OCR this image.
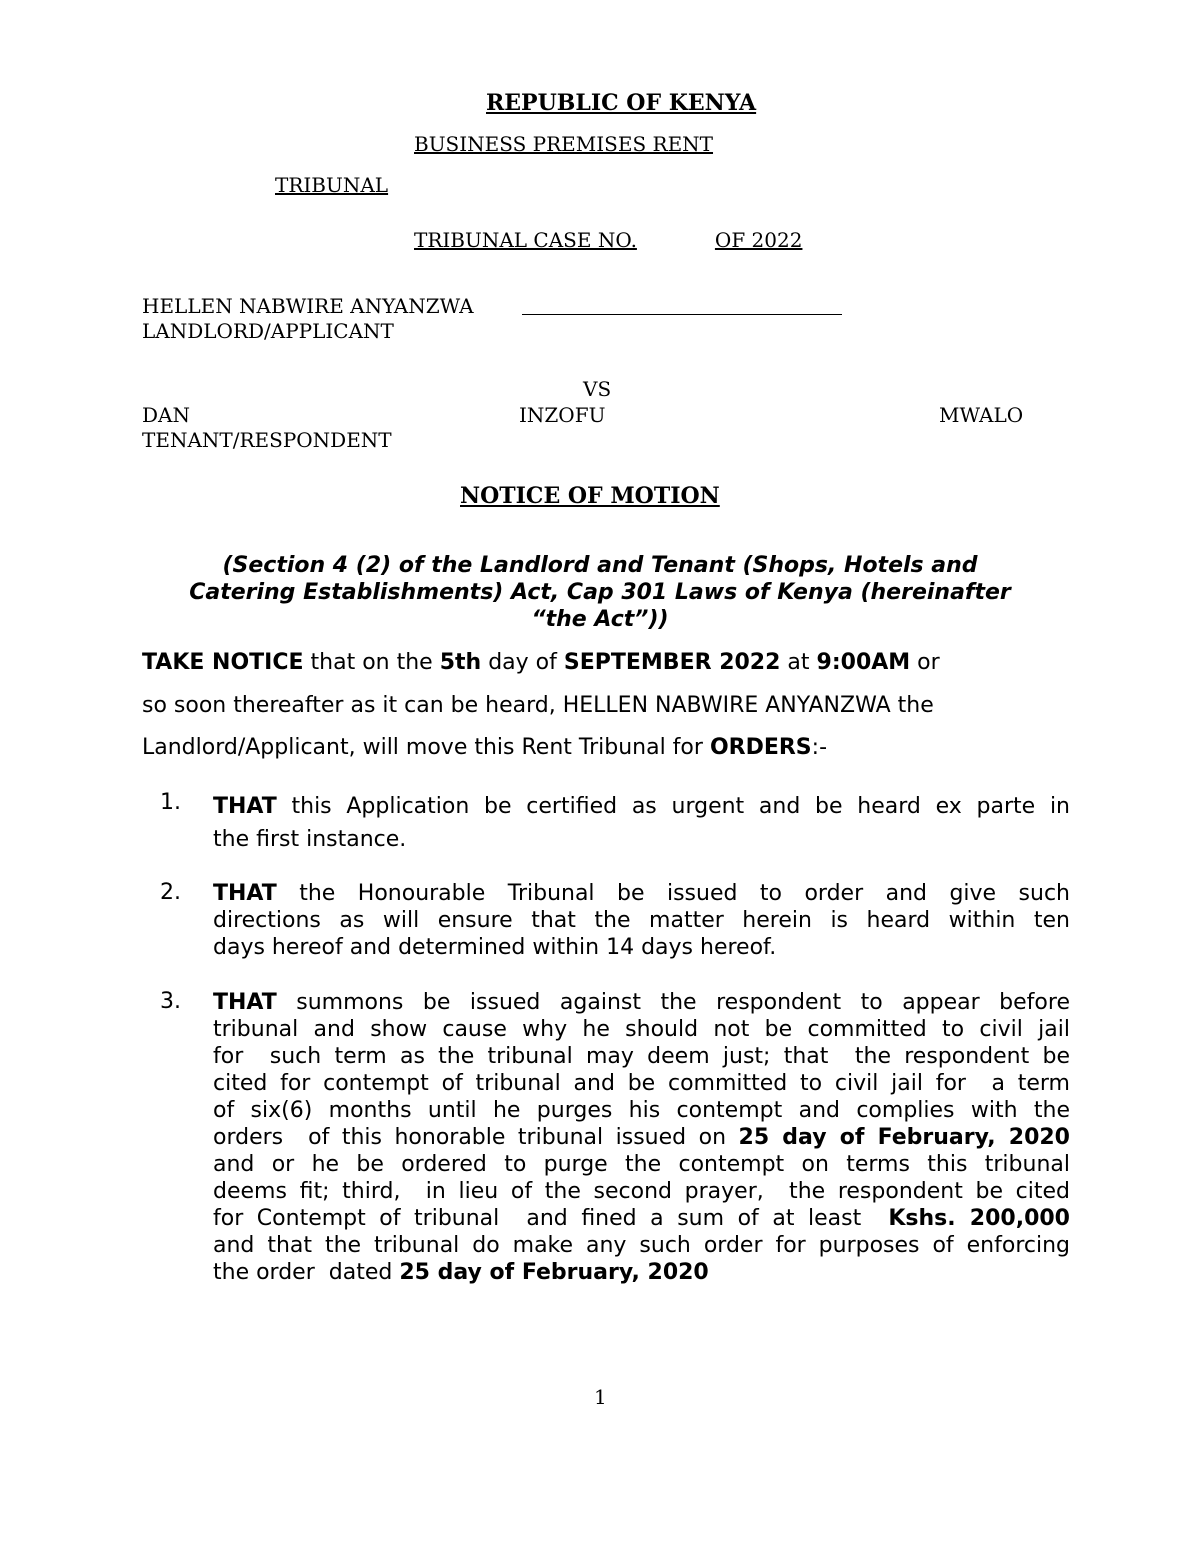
REPUBLIC OF KENYA
BUSINESS PREMISES RENT
TRIBUNAL
TRIBUNAL CASE NO.	OF 2022
HELLEN NABWIRE ANYANZWA
LANDLORD/APPLICANT
VS
DAN	INZOFU	MWALO
TENANT/RESPONDENT
NOTICE OF MOTION
(Section 4 (2) of the Landlord and Tenant (Shops, Hotels and
Catering Establishments) Act, Cap 301 Laws of Kenya (hereinafter
“the Act”))
TAKE NOTICE that on the 5th day of SEPTEMBER 2022 at 9:00AM or
so soon thereafter as it can be heard, HELLEN NABWIRE ANYANZWA the
Landlord/Applicant, will move this Rent Tribunal for ORDERS:-
1. THAT this Application be certified as urgent and be heard ex parte in
the first instance.
2. THAT the Honourable Tribunal be issued to order and give such
directions as will ensure that the matter herein is heard within ten
days hereof and determined within 14 days hereof.
3. THAT summons be issued against the respondent to appear before
tribunal and show cause why he should not be committed to civil jail
for  such term as the tribunal may deem just; that  the respondent be
cited for contempt of tribunal and be committed to civil jail for  a term
of six(6) months until he purges his contempt and complies with the
orders  of this honorable tribunal issued on 25 day of February, 2020
and or he be ordered to purge the contempt on terms this tribunal
deems fit; third,  in lieu of the second prayer,  the respondent be cited
for Contempt of tribunal  and fined a sum of at least  Kshs. 200,000
and that the tribunal do make any such order for purposes of enforcing
the order  dated 25 day of February, 2020
1
